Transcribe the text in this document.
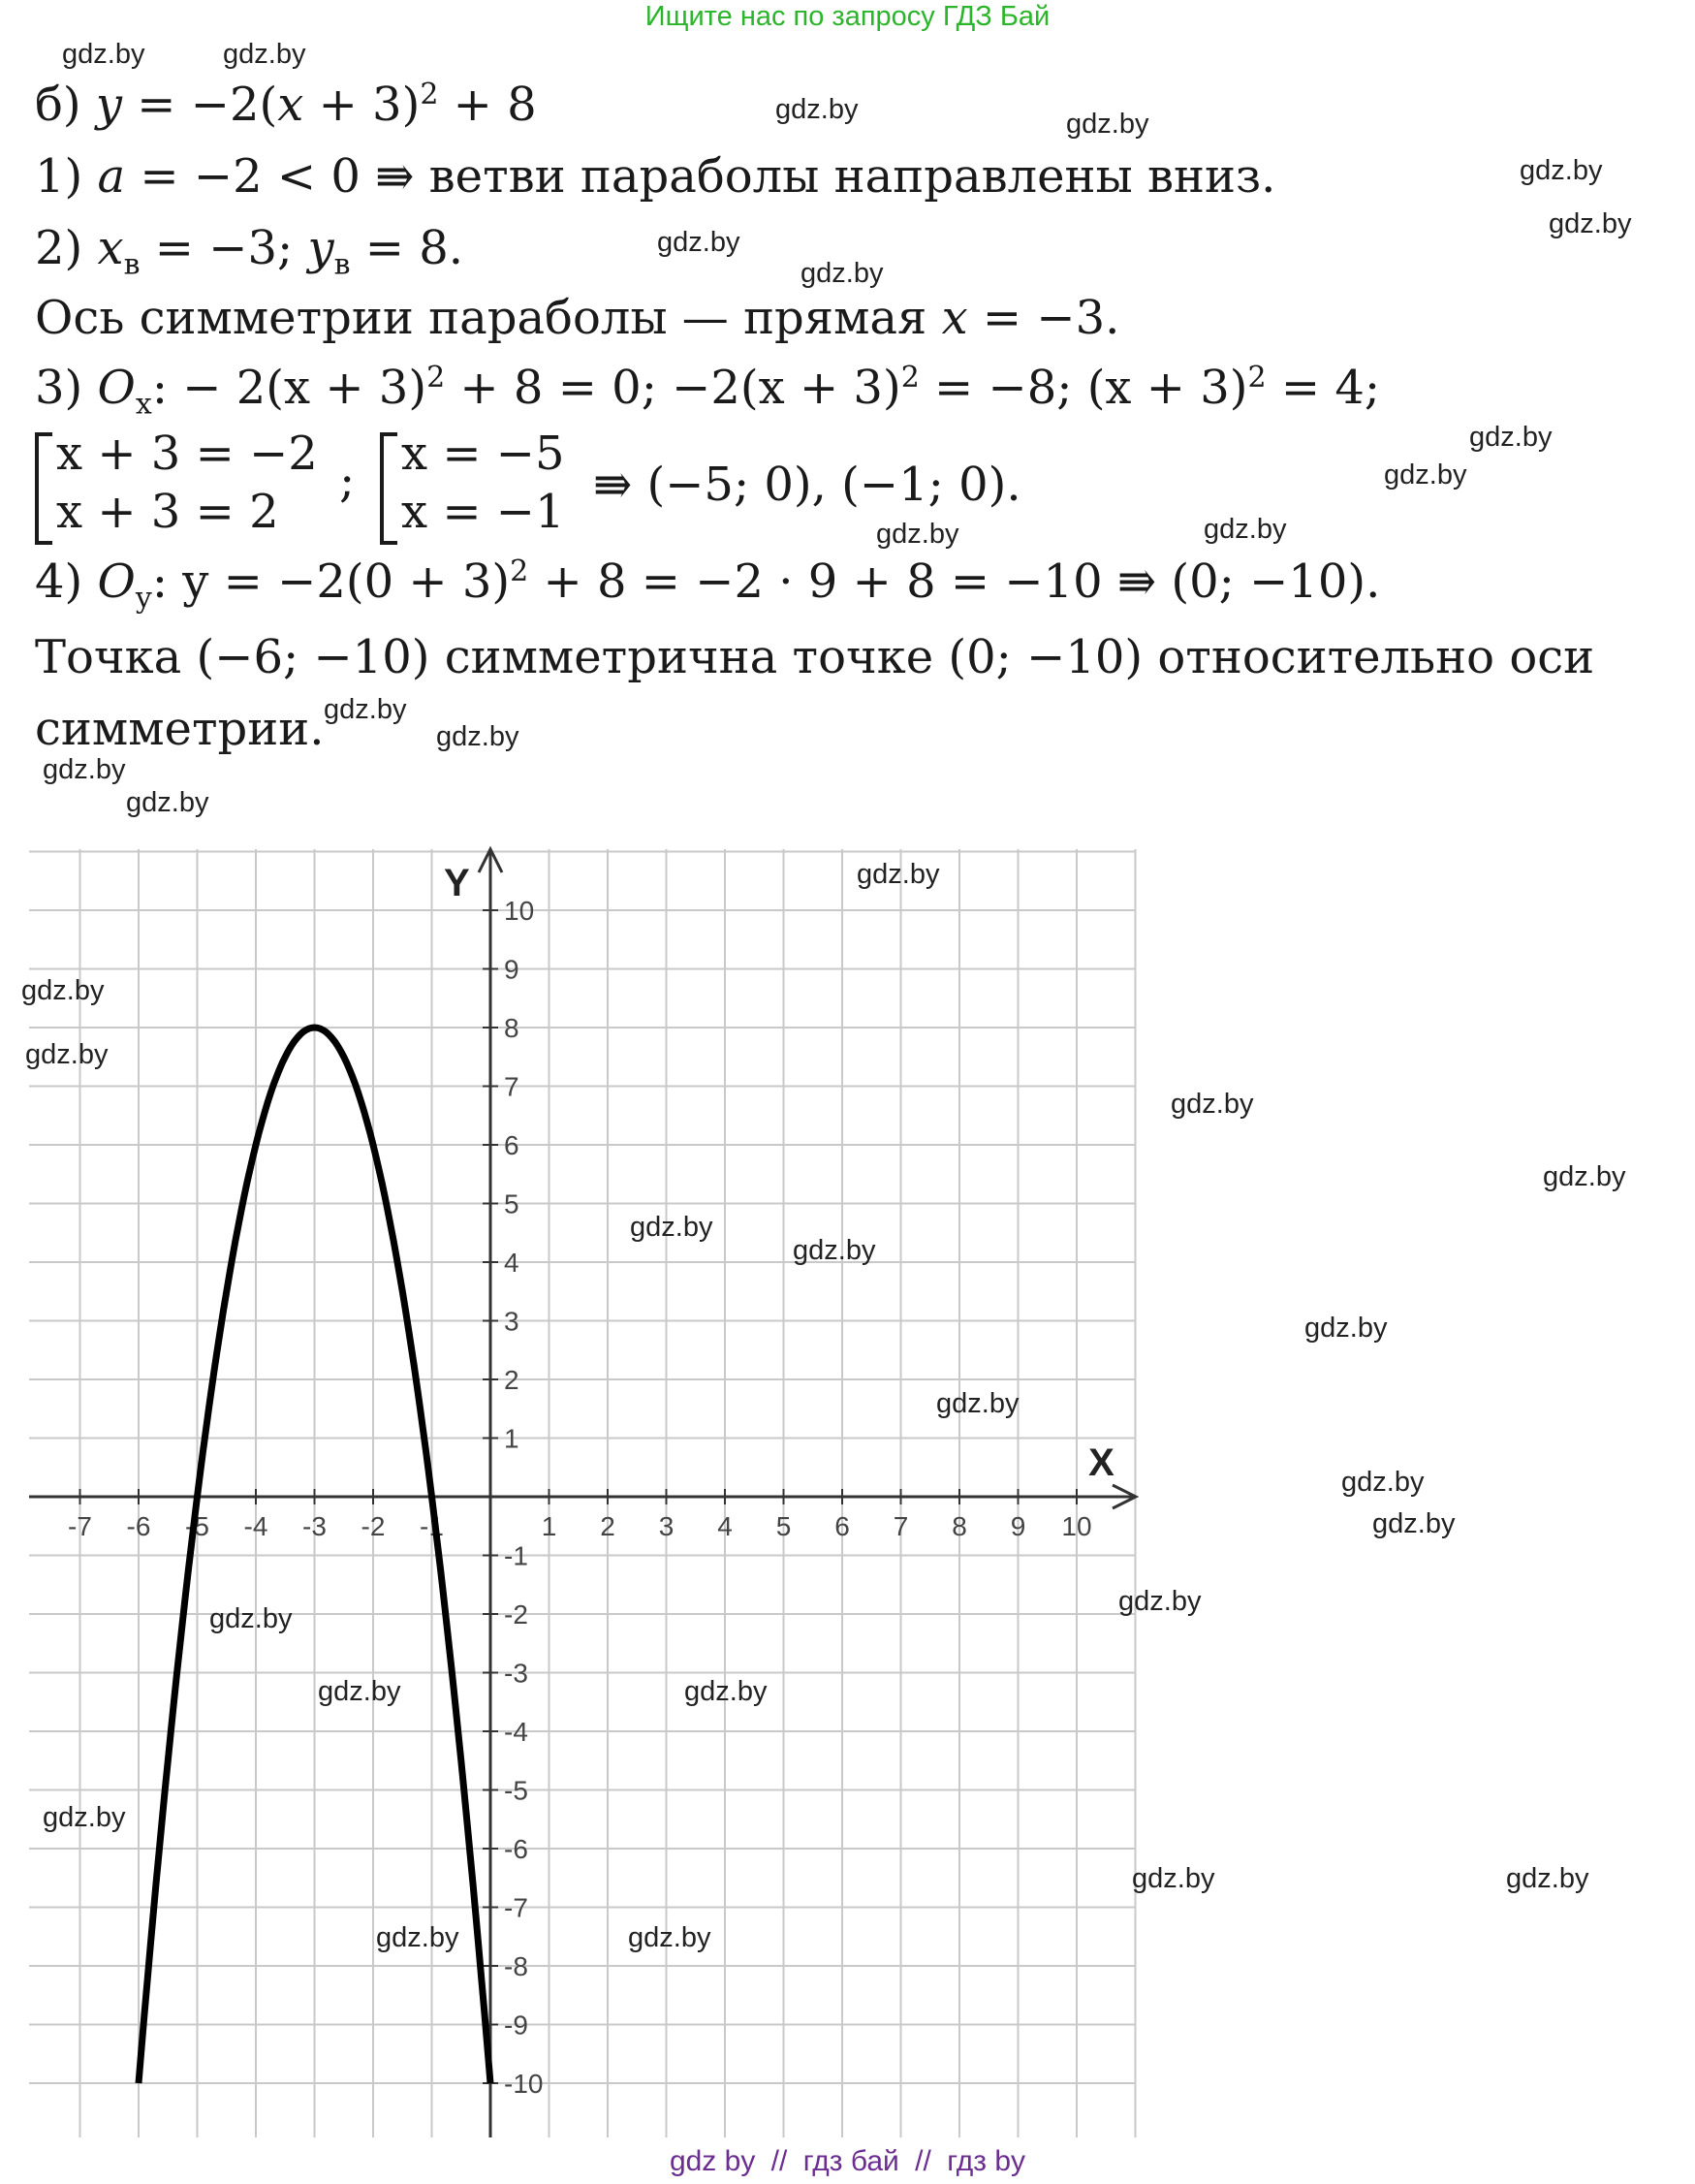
Ищите нас по запросу ГДЗ Бай
б) $y = -2(x + 3)^2 + 8$
1) a = −2 < 0 ⇛ ветви параболы направлены вниз.
2) $x_в = -3$; $y_в = 8$.
Ось симметрии параболы — прямая x = −3.
3) $O_x$: − $2(x + 3)^2 + 8 = 0$; $-2(x + 3)^2 = -8$; $(x + 3)^2 = 4$;
x + 3 = −2
x + 3 = 2
; x = −5
x = −1 ⇛ (−5; 0), (−1; 0).
4) $O_y$: $y = -2(0 + 3)^2 + 8 = -2 \cdot 9 + 8 = -10$ ⇛ (0; −10).
Точка (−6; −10) симметрична точке (0; −10) относительно оси
симметрии.
-7 -6 -5 -4 -3 -2 -1	1 2 3 4 5 6 7 8 9 10
-10
-9
-8
-7
-6
-5
-4
-3
-2
-1
1
2
3
4
5
6
7
8
9
10
X
Y
gdz.by	gdz.by
gdz.by	gdz.by
gdz.by
gdz.by
gdz.by
gdz.by
gdz.by
gdz.by
gdz.by	gdz.by
gdz.by
gdz.by
gdz.by
gdz.by
gdz.by
gdz.by
gdz.by
gdz.by
gdz.by
gdz.by
gdz.by
gdz.by
gdz.by
gdz.by
gdz.by
gdz.by
gdz.by
gdz.by	gdz.by
gdz.by
gdz.by	gdz.by
gdz.by	gdz.by
gdz by // гдз бай // гдз by
